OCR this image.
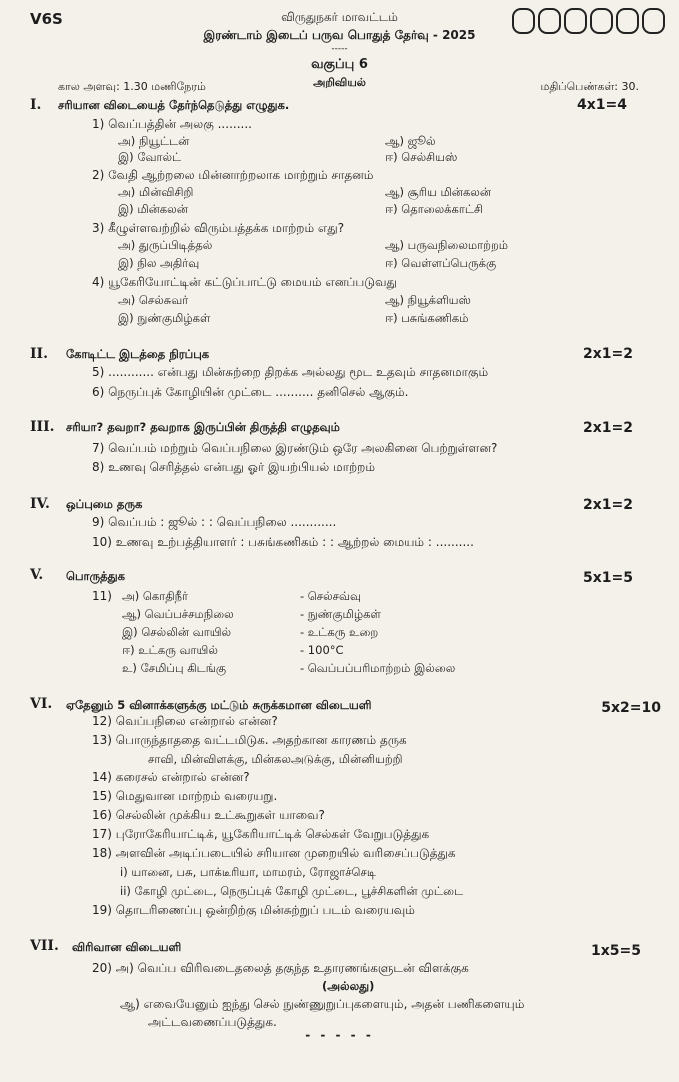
V6S	விருதுநகர் மாவட்டம்
இரண்டாம் இடைப் பருவ பொதுத் தேர்வு - 2025
-----
வகுப்பு 6
அறிவியல்
கால அளவு: 1.30 மணிநேரம்	மதிப்பெண்கள்: 30.
I. சரியான விடையைத் தேர்ந்தெடுத்து எழுதுக.	4x1=4
1) வெப்பத்தின் அலகு .........
அ) நியூட்டன்	ஆ) ஜூல்
இ) வோல்ட்	ஈ) செல்சியஸ்
2) வேதி ஆற்றலை மின்னாற்றலாக மாற்றும் சாதனம்
அ) மின்விசிறி	ஆ) சூரிய மின்கலன்
இ) மின்கலன்	ஈ) தொலைக்காட்சி
3) கீழுள்ளவற்றில் விரும்பத்தக்க மாற்றம் எது?
அ) துருப்பிடித்தல்	ஆ) பருவநிலைமாற்றம்
இ) நில அதிர்வு	ஈ) வெள்ளப்பெருக்கு
4) யூகேரியோட்டின் கட்டுப்பாட்டு மையம் எனப்படுவது
அ) செல்சுவர்	ஆ) நியூக்ளியஸ்
இ) நுண்குமிழ்கள்	ஈ) பசுங்கணிகம்
II. கோடிட்ட இடத்தை நிரப்புக	2x1=2
5) ............ என்பது மின்சுற்றை திறக்க அல்லது மூட உதவும் சாதனமாகும்
6) நெருப்புக் கோழியின் முட்டை .......... தனிசெல் ஆகும்.
III. சரியா? தவறா? தவறாக இருப்பின் திருத்தி எழுதவும்	2x1=2
7) வெப்பம் மற்றும் வெப்பநிலை இரண்டும் ஒரே அலகினை பெற்றுள்ளன?
8) உணவு செரித்தல் என்பது ஓர் இயற்பியல் மாற்றம்
IV. ஒப்புமை தருக	2x1=2
9) வெப்பம் : ஜூல் : : வெப்பநிலை ............
10) உணவு உற்பத்தியாளர் : பசுங்கணிகம் : : ஆற்றல் மையம் : ..........
V. பொருத்துக	5x1=5
11) அ) கொதிநீர்	- செல்சவ்வு
ஆ) வெப்பச்சமநிலை	- நுண்குமிழ்கள்
இ) செல்லின் வாயில்	- உட்கரு உறை
ஈ) உட்கரு வாயில்	- 100°C
உ) சேமிப்பு கிடங்கு	- வெப்பப்பரிமாற்றம் இல்லை
VI. ஏதேனும் 5 வினாக்களுக்கு மட்டும் சுருக்கமான விடையளி	5x2=10
12) வெப்பநிலை என்றால் என்ன?
13) பொருந்தாததை வட்டமிடுக. அதற்கான காரணம் தருக
சாவி, மின்விளக்கு, மின்கலஅடுக்கு, மின்னியற்றி
14) கரைசல் என்றால் என்ன?
15) மெதுவான மாற்றம் வரையறு.
16) செல்லின் முக்கிய உட்கூறுகள் யாவை?
17) புரோகேரியாட்டிக், யூகேரியாட்டிக் செல்கள் வேறுபடுத்துக
18) அளவின் அடிப்படையில் சரியான முறையில் வரிசைப்படுத்துக
i) யானை, பசு, பாக்டீரியா, மாமரம், ரோஜாச்செடி
ii) கோழி முட்டை, நெருப்புக் கோழி முட்டை, பூச்சிகளின் முட்டை
19) தொடரிணைப்பு ஒன்றிற்கு மின்சுற்றுப் படம் வரையவும்
VII. விரிவான விடையளி	1x5=5
20) அ) வெப்ப விரிவடைதலைத் தகுந்த உதாரணங்களுடன் விளக்குக
(அல்லது)
ஆ) எவையேனும் ஐந்து செல் நுண்ணுறுப்புகளையும், அதன் பணிகளையும்
அட்டவணைப்படுத்துக.
- - - - -
